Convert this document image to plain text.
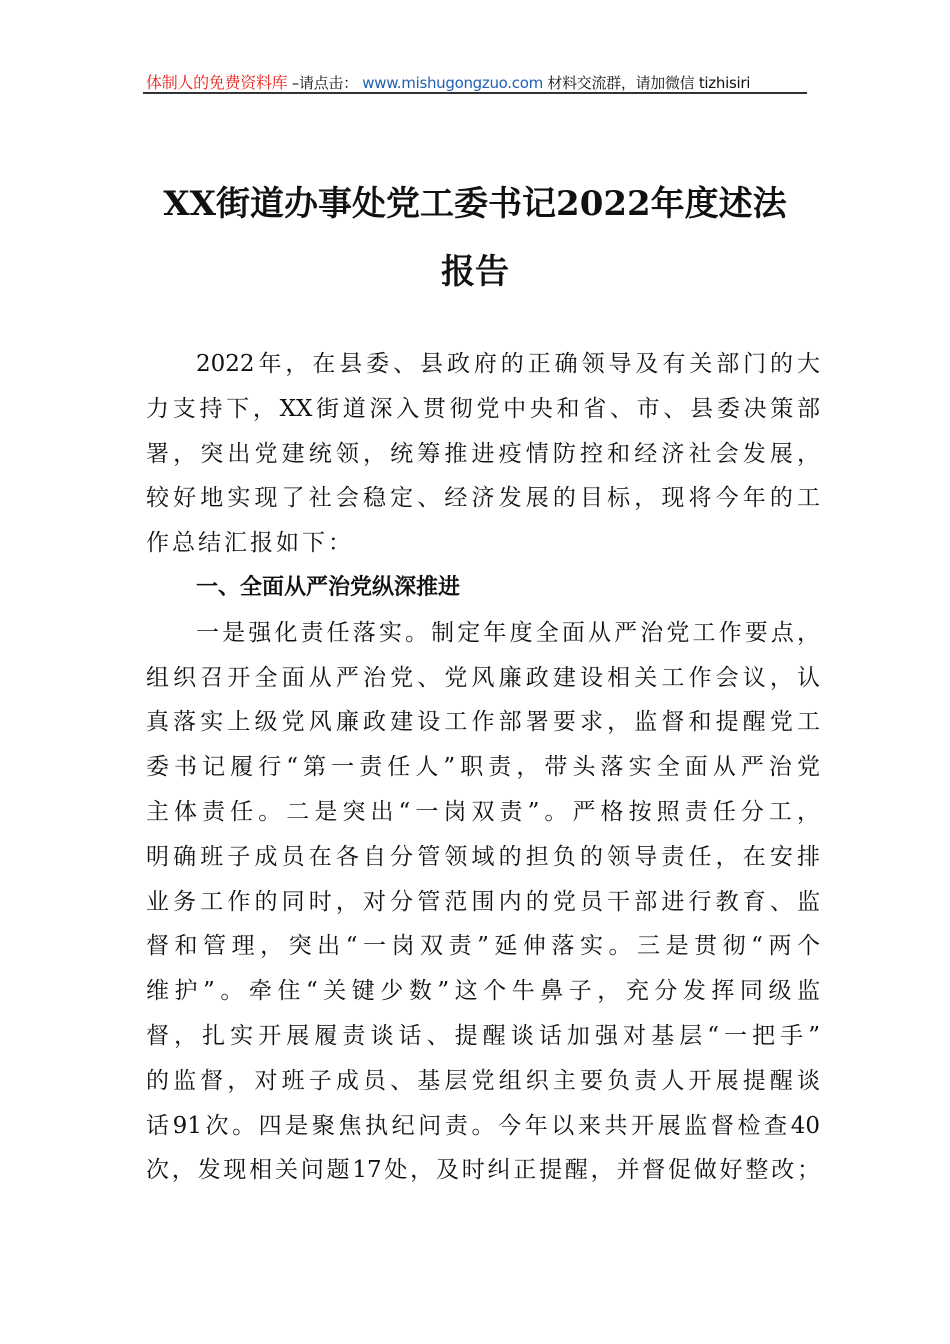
体制人的免费资料库 –请点击： www.mishugongzuo.com 材料交流群，请加微信 tizhisiri
XX街道办事处党工委书记2022年度述法
报告
2022年，在县委、县政府的正确领导及有关部门的大
力支持下，XX街道深入贯彻党中央和省、市、县委决策部
署，突出党建统领，统筹推进疫情防控和经济社会发展，
较好地实现了社会稳定、经济发展的目标，现将今年的工
作总结汇报如下：
一、全面从严治党纵深推进
一是强化责任落实。制定年度全面从严治党工作要点，
组织召开全面从严治党、党风廉政建设相关工作会议，认
真落实上级党风廉政建设工作部署要求，监督和提醒党工
委书记履行“第一责任人”职责，带头落实全面从严治党
主体责任。二是突出“一岗双责”。严格按照责任分工，
明确班子成员在各自分管领域的担负的领导责任，在安排
业务工作的同时，对分管范围内的党员干部进行教育、监
督和管理，突出“一岗双责”延伸落实。三是贯彻“两个
维护”。牵住“关键少数”这个牛鼻子，充分发挥同级监
督，扎实开展履责谈话、提醒谈话加强对基层“一把手”
的监督，对班子成员、基层党组织主要负责人开展提醒谈
话91次。四是聚焦执纪问责。今年以来共开展监督检查40
次，发现相关问题17处，及时纠正提醒，并督促做好整改；
